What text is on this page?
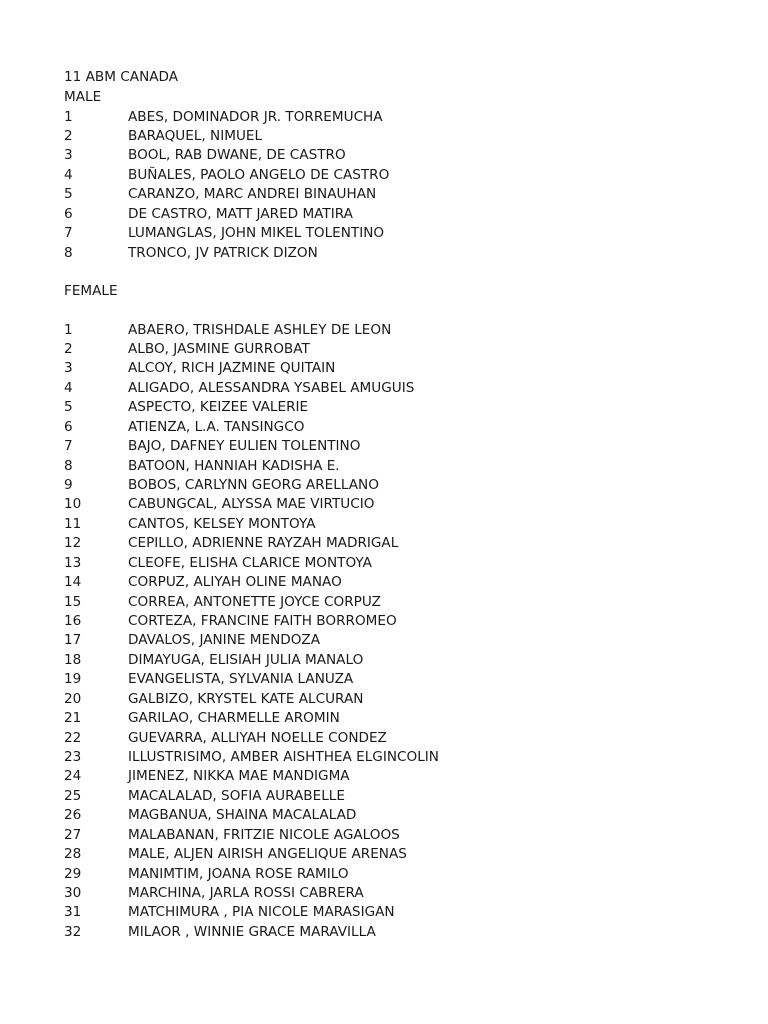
11 ABM CANADA
MALE
1	ABES, DOMINADOR JR. TORREMUCHA
2	BARAQUEL, NIMUEL
3	BOOL, RAB DWANE, DE CASTRO
4	BUÑALES, PAOLO ANGELO DE CASTRO
5	CARANZO, MARC ANDREI BINAUHAN
6	DE CASTRO, MATT JARED MATIRA
7	LUMANGLAS, JOHN MIKEL TOLENTINO
8	TRONCO, JV PATRICK DIZON
FEMALE
1	ABAERO, TRISHDALE ASHLEY DE LEON
2	ALBO, JASMINE GURROBAT
3	ALCOY, RICH JAZMINE QUITAIN
4	ALIGADO, ALESSANDRA YSABEL AMUGUIS
5	ASPECTO, KEIZEE VALERIE
6	ATIENZA, L.A. TANSINGCO
7	BAJO, DAFNEY EULIEN TOLENTINO
8	BATOON, HANNIAH KADISHA E.
9	BOBOS, CARLYNN GEORG ARELLANO
10	CABUNGCAL, ALYSSA MAE VIRTUCIO
11	CANTOS, KELSEY MONTOYA
12	CEPILLO, ADRIENNE RAYZAH MADRIGAL
13	CLEOFE, ELISHA CLARICE MONTOYA
14	CORPUZ, ALIYAH OLINE MANAO
15	CORREA, ANTONETTE JOYCE CORPUZ
16	CORTEZA, FRANCINE FAITH BORROMEO
17	DAVALOS, JANINE MENDOZA
18	DIMAYUGA, ELISIAH JULIA MANALO
19	EVANGELISTA, SYLVANIA LANUZA
20	GALBIZO, KRYSTEL KATE ALCURAN
21	GARILAO, CHARMELLE AROMIN
22	GUEVARRA, ALLIYAH NOELLE CONDEZ
23	ILLUSTRISIMO, AMBER AISHTHEA ELGINCOLIN
24	JIMENEZ, NIKKA MAE MANDIGMA
25	MACALALAD, SOFIA AURABELLE
26	MAGBANUA, SHAINA MACALALAD
27	MALABANAN, FRITZIE NICOLE AGALOOS
28	MALE, ALJEN AIRISH ANGELIQUE ARENAS
29	MANIMTIM, JOANA ROSE RAMILO
30	MARCHINA, JARLA ROSSI CABRERA
31	MATCHIMURA , PIA NICOLE MARASIGAN
32	MILAOR , WINNIE GRACE MARAVILLA
